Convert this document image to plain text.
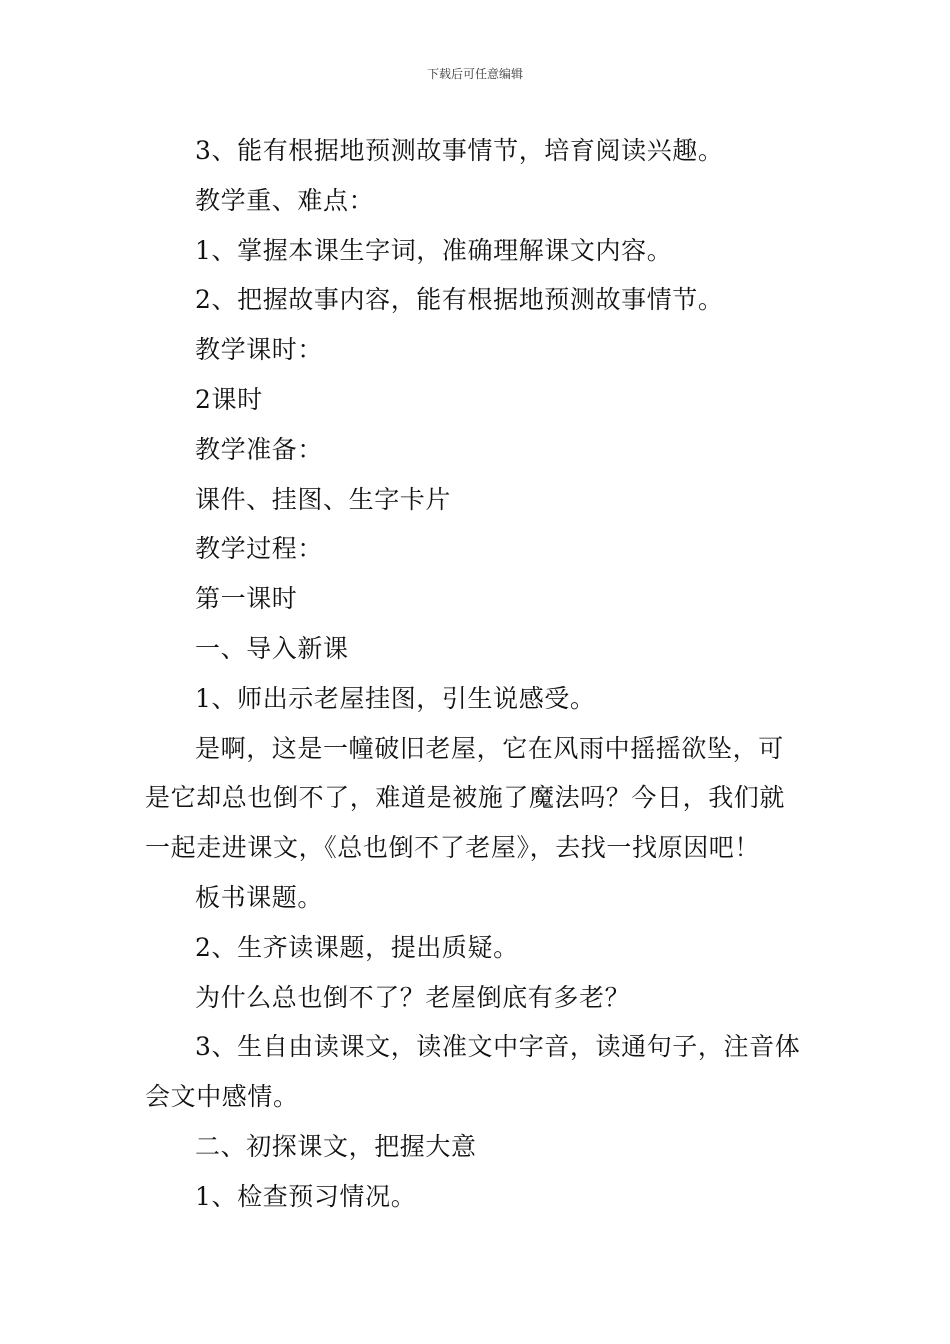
下载后可任意编辑

3、能有根据地预测故事情节，培育阅读兴趣。

教学重、难点：

1、掌握本课生字词，准确理解课文内容。

2、把握故事内容，能有根据地预测故事情节。

教学课时：

2课时

教学准备：

课件、挂图、生字卡片

教学过程：

第一课时

一、导入新课

1、师出示老屋挂图，引生说感受。

是啊，这是一幢破旧老屋，它在风雨中摇摇欲坠，可是它却总也倒不了，难道是被施了魔法吗？今日，我们就一起走进课文，《总也倒不了老屋》，去找一找原因吧！

板书课题。

2、生齐读课题，提出质疑。

为什么总也倒不了？老屋倒底有多老？

3、生自由读课文，读准文中字音，读通句子，注音体会文中感情。

二、初探课文，把握大意

1、检查预习情况。
